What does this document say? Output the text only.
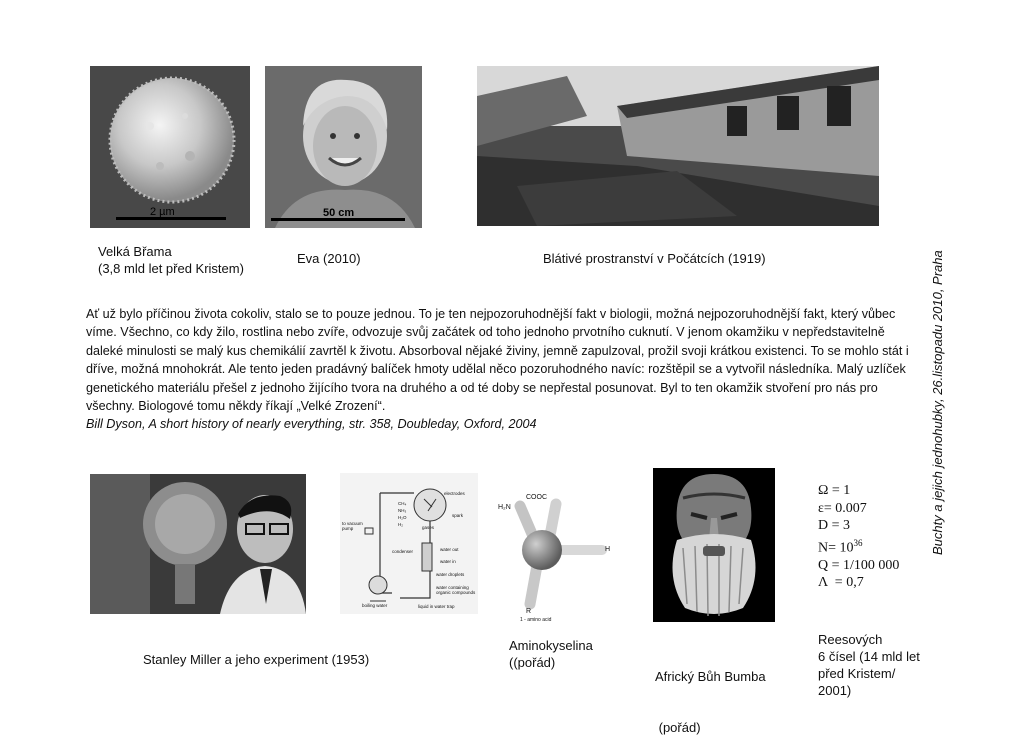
2 µm
Velká Břama
(3,8 mld let před Kristem)
50 cm
Eva (2010)	Blátivé prostranství v Počátcích (1919)

Ať už bylo příčinou života cokoliv, stalo se to pouze jednou. To je ten nejpozoruhodnější fakt v biologii, možná nejpozoruhodnější fakt, který vůbec víme. Všechno, co kdy žilo, rostlina nebo zvíře, odvozuje svůj začátek od toho jednoho prvotního cuknutí. V jenom okamžiku v nepředstavitelně daleké minulosti se malý kus chemikálií zavrtěl k životu. Absorboval nějaké živiny, jemně zapulzoval, prožil svoji krátkou existenci. To se mohlo stát i dříve, možná mnohokrát. Ale tento jeden pradávný balíček hmoty udělal něco pozoruhodného navíc: rozštěpil se a vytvořil následníka. Malý uzlíček genetického materiálu přešel z jednoho žijícího tvora na druhého a od té doby se nepřestal posunovat. Byl to ten okamžik stvoření pro nás pro všechny. Biologové tomu někdy říkají „Velké Zrození“.

Bill Dyson, A short history of nearly everything, str. 358, Doubleday, Oxford, 2004	Buchty a jejich jednohubky, 26.listopadu 2010, Praha
Stanley Miller a jeho experiment (1953)
electrodes
CH₄
NH₃
H₂O
H₂
gases
spark
to vacuum pump
condenser	water out
water in
water droplets
water containing organic compounds
boiling water	liquid in water trap
H₂N
COOC
H
R
1 - amino acid
Aminokyselina
((pořád)

Africký Bůh Bumba

(pořád)

Ω = 1
ε= 0.007
D = 3
$N= 10^{36}$
Q = 1/100 000
Λ  = 0,7
Reesových
6 čísel (14 mld let
před Kristem/
2001)
